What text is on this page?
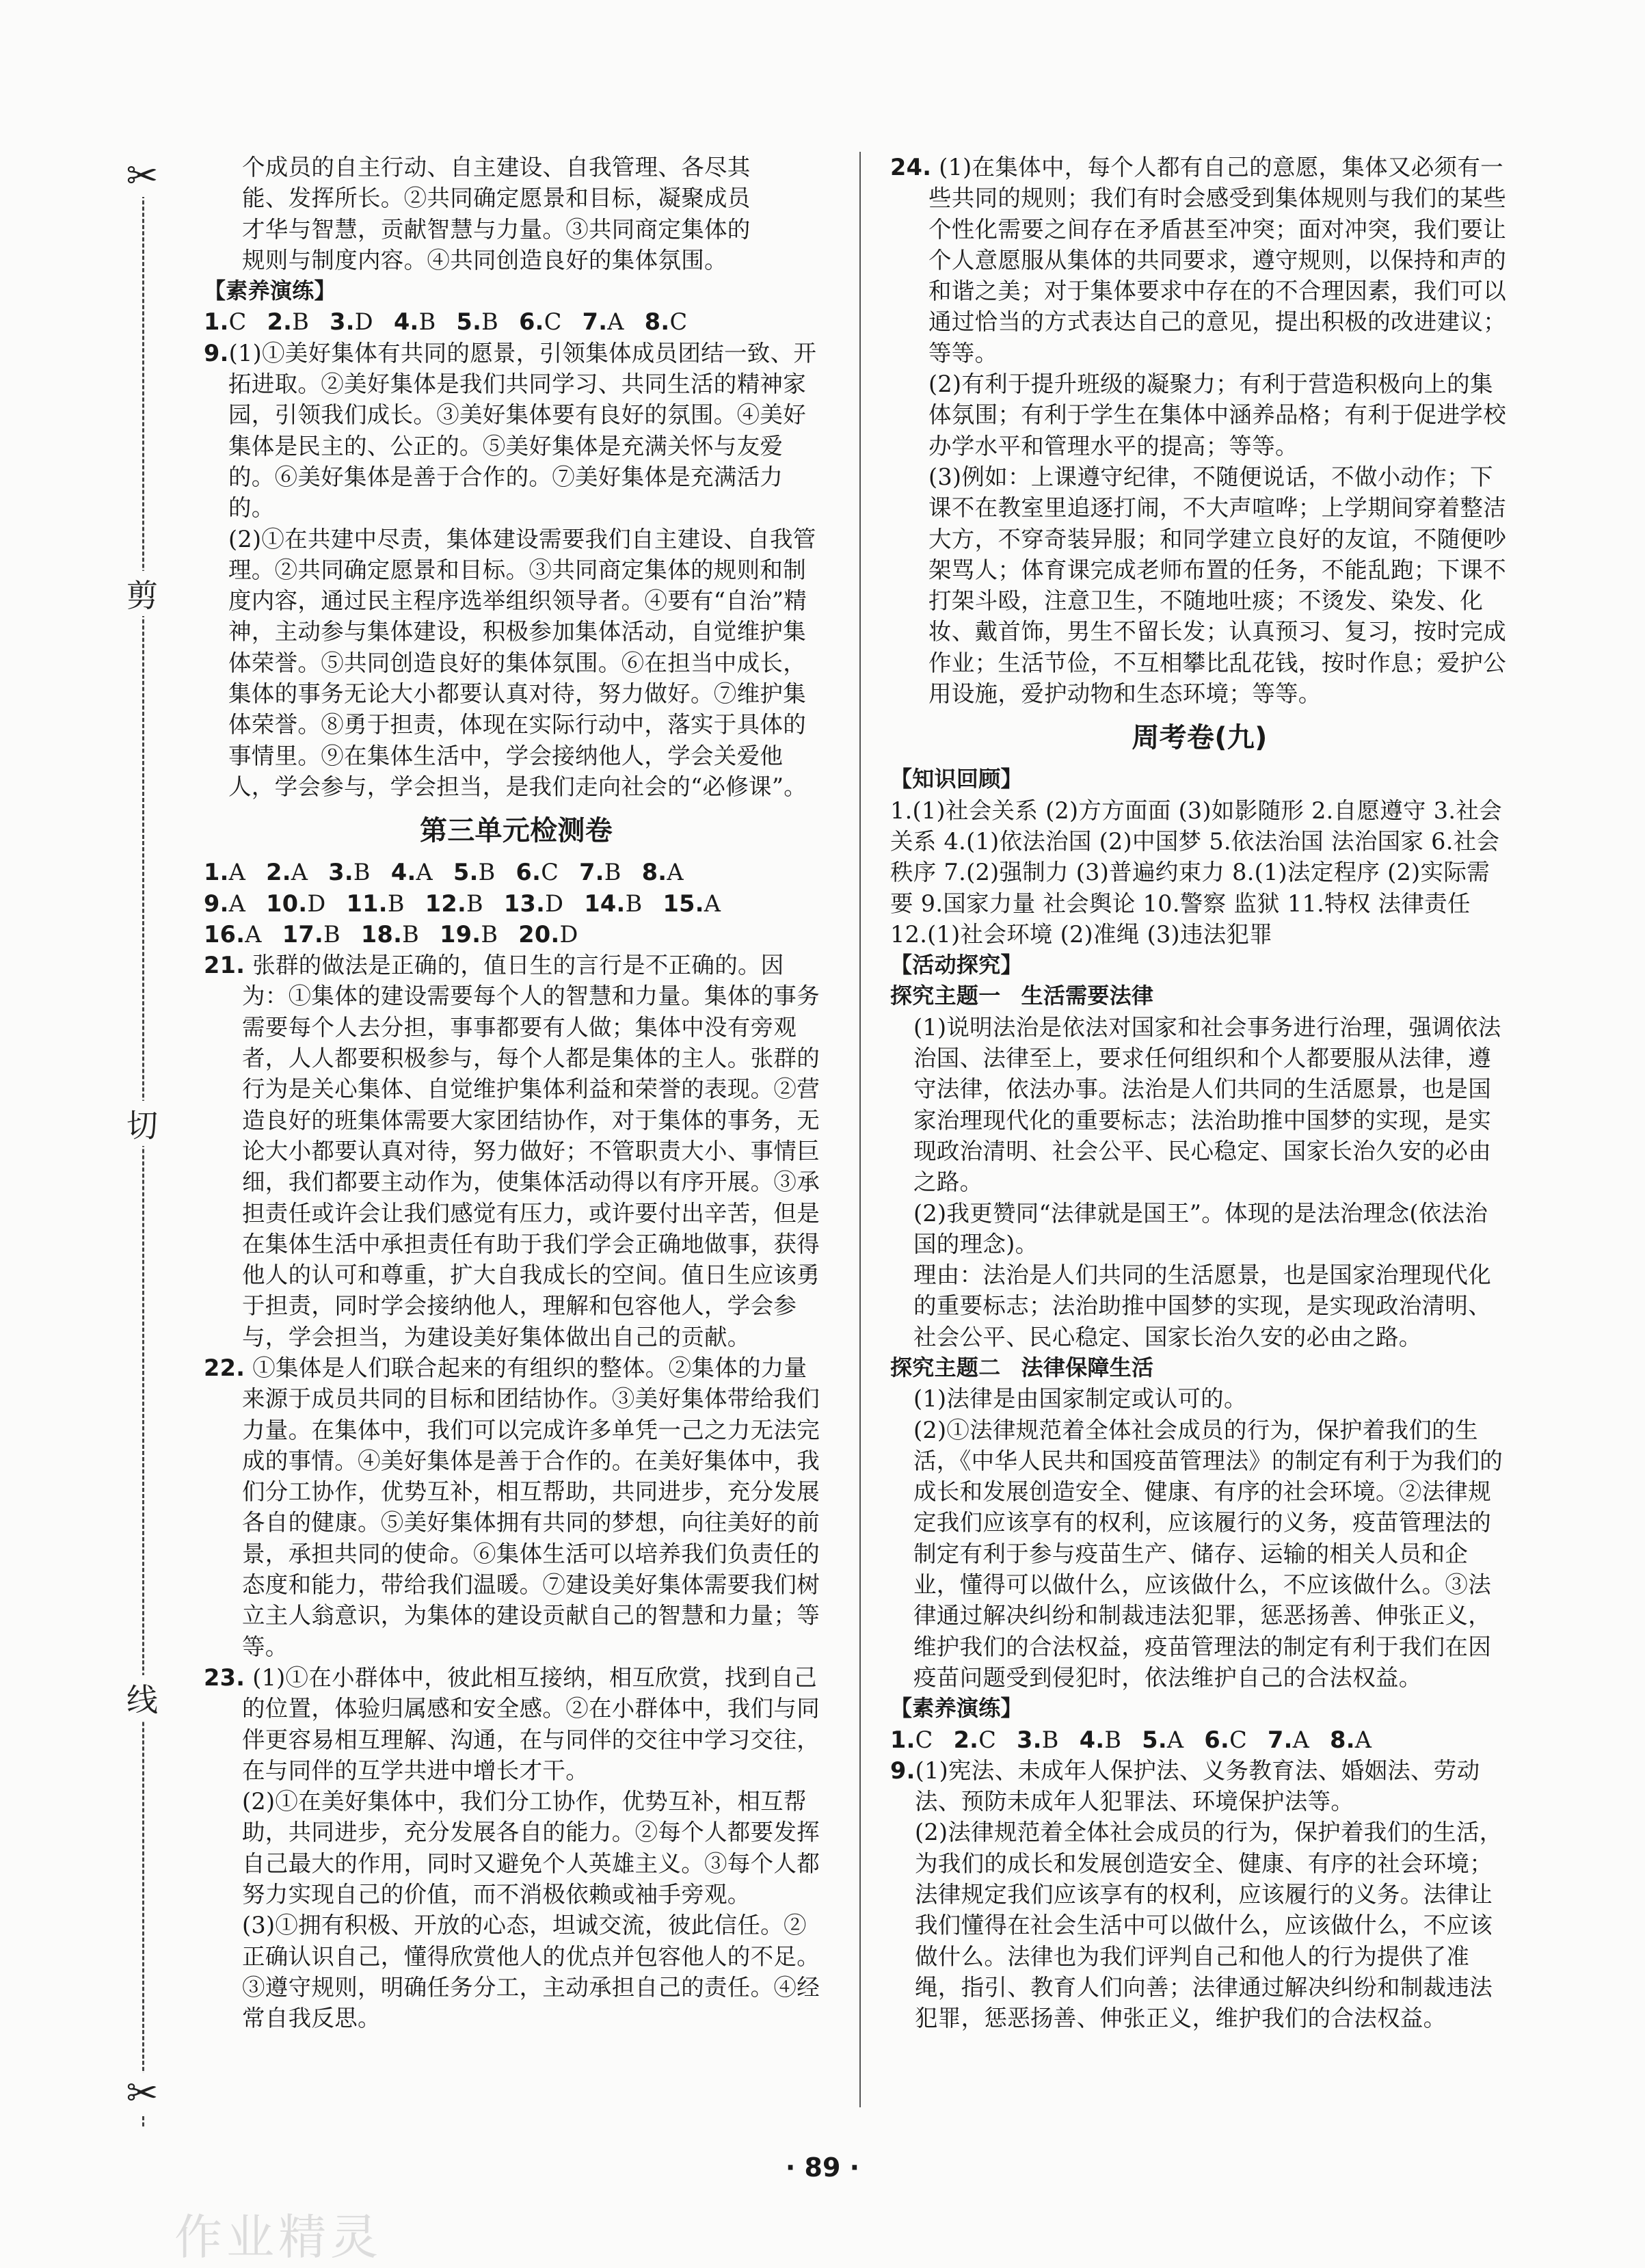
✂
✂
剪
切
线
个成员的自主行动、自主建设、自我管理、各尽其
能、发挥所长。②共同确定愿景和目标，凝聚成员
才华与智慧，贡献智慧与力量。③共同商定集体的
规则与制度内容。④共同创造良好的集体氛围。
【素养演练】
1.C 2.B 3.D 4.B 5.B 6.C 7.A 8.C
9.(1)①美好集体有共同的愿景，引领集体成员团结一致、开拓进取。②美好集体是我们共同学习、共同生活的精神家园，引领我们成长。③美好集体要有良好的氛围。④美好集体是民主的、公正的。⑤美好集体是充满关怀与友爱的。⑥美好集体是善于合作的。⑦美好集体是充满活力的。
(2)①在共建中尽责，集体建设需要我们自主建设、自我管理。②共同确定愿景和目标。③共同商定集体的规则和制度内容，通过民主程序选举组织领导者。④要有“自治”精神，主动参与集体建设，积极参加集体活动，自觉维护集体荣誉。⑤共同创造良好的集体氛围。⑥在担当中成长，集体的事务无论大小都要认真对待，努力做好。⑦维护集体荣誉。⑧勇于担责，体现在实际行动中，落实于具体的事情里。⑨在集体生活中，学会接纳他人，学会关爱他人，学会参与，学会担当，是我们走向社会的“必修课”。
第三单元检测卷
1.A 2.A 3.B 4.A 5.B 6.C 7.B 8.A
9.A 10.D 11.B 12.B 13.D 14.B 15.A
16.A 17.B 18.B 19.B 20.D
21. 张群的做法是正确的，值日生的言行是不正确的。因为：①集体的建设需要每个人的智慧和力量。集体的事务需要每个人去分担，事事都要有人做；集体中没有旁观者，人人都要积极参与，每个人都是集体的主人。张群的行为是关心集体、自觉维护集体利益和荣誉的表现。②营造良好的班集体需要大家团结协作，对于集体的事务，无论大小都要认真对待，努力做好；不管职责大小、事情巨细，我们都要主动作为，使集体活动得以有序开展。③承担责任或许会让我们感觉有压力，或许要付出辛苦，但是在集体生活中承担责任有助于我们学会正确地做事，获得他人的认可和尊重，扩大自我成长的空间。值日生应该勇于担责，同时学会接纳他人，理解和包容他人，学会参与，学会担当，为建设美好集体做出自己的贡献。
22. ①集体是人们联合起来的有组织的整体。②集体的力量来源于成员共同的目标和团结协作。③美好集体带给我们力量。在集体中，我们可以完成许多单凭一己之力无法完成的事情。④美好集体是善于合作的。在美好集体中，我们分工协作，优势互补，相互帮助，共同进步，充分发展各自的健康。⑤美好集体拥有共同的梦想，向往美好的前景，承担共同的使命。⑥集体生活可以培养我们负责任的态度和能力，带给我们温暖。⑦建设美好集体需要我们树立主人翁意识，为集体的建设贡献自己的智慧和力量；等等。
23. (1)①在小群体中，彼此相互接纳，相互欣赏，找到自己的位置，体验归属感和安全感。②在小群体中，我们与同伴更容易相互理解、沟通，在与同伴的交往中学习交往，在与同伴的互学共进中增长才干。
(2)①在美好集体中，我们分工协作，优势互补，相互帮助，共同进步，充分发展各自的能力。②每个人都要发挥自己最大的作用，同时又避免个人英雄主义。③每个人都努力实现自己的价值，而不消极依赖或袖手旁观。
(3)①拥有积极、开放的心态，坦诚交流，彼此信任。②正确认识自己，懂得欣赏他人的优点并包容他人的不足。③遵守规则，明确任务分工，主动承担自己的责任。④经常自我反思。
24. (1)在集体中，每个人都有自己的意愿，集体又必须有一些共同的规则；我们有时会感受到集体规则与我们的某些个性化需要之间存在矛盾甚至冲突；面对冲突，我们要让个人意愿服从集体的共同要求，遵守规则，以保持和声的和谐之美；对于集体要求中存在的不合理因素，我们可以通过恰当的方式表达自己的意见，提出积极的改进建议；等等。
(2)有利于提升班级的凝聚力；有利于营造积极向上的集体氛围；有利于学生在集体中涵养品格；有利于促进学校办学水平和管理水平的提高；等等。
(3)例如：上课遵守纪律，不随便说话，不做小动作；下课不在教室里追逐打闹，不大声喧哗；上学期间穿着整洁大方，不穿奇装异服；和同学建立良好的友谊，不随便吵架骂人；体育课完成老师布置的任务，不能乱跑；下课不打架斗殴，注意卫生，不随地吐痰；不烫发、染发、化妆、戴首饰，男生不留长发；认真预习、复习，按时完成作业；生活节俭，不互相攀比乱花钱，按时作息；爱护公用设施，爱护动物和生态环境；等等。
周考卷(九)
【知识回顾】
1.(1)社会关系 (2)方方面面 (3)如影随形 2.自愿遵守 3.社会关系 4.(1)依法治国 (2)中国梦 5.依法治国 法治国家 6.社会秩序 7.(2)强制力 (3)普遍约束力 8.(1)法定程序 (2)实际需要 9.国家力量 社会舆论 10.警察 监狱 11.特权 法律责任 12.(1)社会环境 (2)准绳 (3)违法犯罪
【活动探究】
探究主题一 生活需要法律
(1)说明法治是依法对国家和社会事务进行治理，强调依法治国、法律至上，要求任何组织和个人都要服从法律，遵守法律，依法办事。法治是人们共同的生活愿景，也是国家治理现代化的重要标志；法治助推中国梦的实现，是实现政治清明、社会公平、民心稳定、国家长治久安的必由之路。
(2)我更赞同“法律就是国王”。体现的是法治理念(依法治国的理念)。
理由：法治是人们共同的生活愿景，也是国家治理现代化的重要标志；法治助推中国梦的实现，是实现政治清明、社会公平、民心稳定、国家长治久安的必由之路。
探究主题二 法律保障生活
(1)法律是由国家制定或认可的。
(2)①法律规范着全体社会成员的行为，保护着我们的生活，《中华人民共和国疫苗管理法》的制定有利于为我们的成长和发展创造安全、健康、有序的社会环境。②法律规定我们应该享有的权利，应该履行的义务，疫苗管理法的制定有利于参与疫苗生产、储存、运输的相关人员和企业，懂得可以做什么，应该做什么，不应该做什么。③法律通过解决纠纷和制裁违法犯罪，惩恶扬善、伸张正义，维护我们的合法权益，疫苗管理法的制定有利于我们在因疫苗问题受到侵犯时，依法维护自己的合法权益。
【素养演练】
1.C 2.C 3.B 4.B 5.A 6.C 7.A 8.A
9.(1)宪法、未成年人保护法、义务教育法、婚姻法、劳动法、预防未成年人犯罪法、环境保护法等。
(2)法律规范着全体社会成员的行为，保护着我们的生活，为我们的成长和发展创造安全、健康、有序的社会环境；法律规定我们应该享有的权利，应该履行的义务。法律让我们懂得在社会生活中可以做什么，应该做什么，不应该做什么。法律也为我们评判自己和他人的行为提供了准绳，指引、教育人们向善；法律通过解决纠纷和制裁违法犯罪，惩恶扬善、伸张正义，维护我们的合法权益。
· 89 ·
作业精灵
